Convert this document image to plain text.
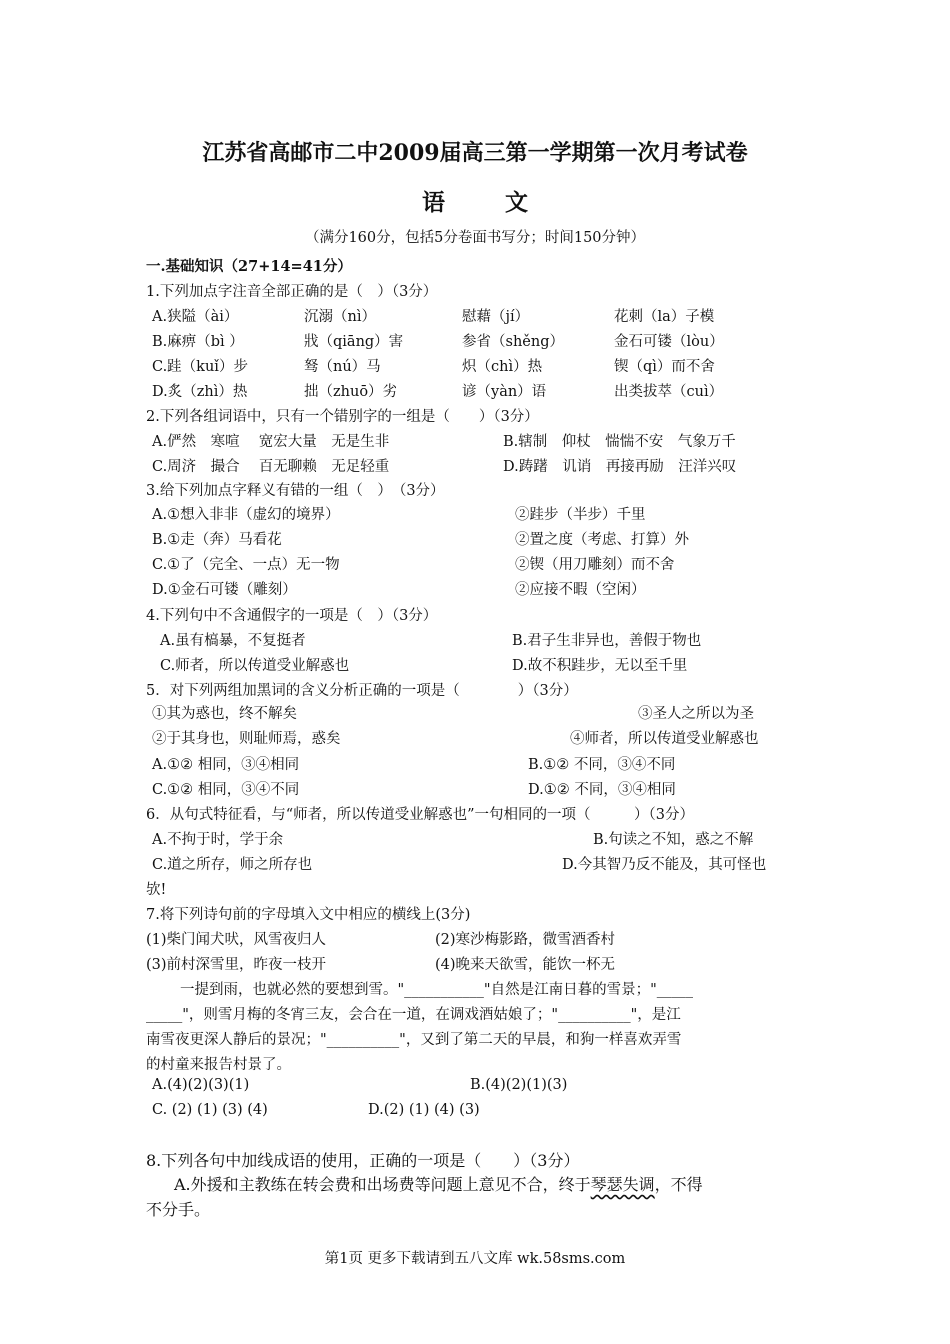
江苏省高邮市二中2009届高三第一学期第一次月考试卷
语文
（满分160分，包括5分卷面书写分；时间150分钟）
一.基础知识（27+14=41分）
1.下列加点字注音全部正确的是（　）（3分）
A.狭隘（ài）	沉溺（nì）	慰藉（jí）	花刺（la）子模
B.麻痹（bì ）	戕（qiāng）害	参省（shěng）	金石可镂（lòu）
C.跬（kuǐ）步	驽（nú）马	炽（chì）热	锲（qì）而不舍
D.炙（zhì）热	拙（zhuō）劣	谚（yàn）语	出类拔萃（cuì）
2.下列各组词语中，只有一个错别字的一组是（　　）（3分）
A.俨然　寒喧　 宽宏大量　无是生非	B.辖制　仰杖　惴惴不安　气象万千
C.周济　撮合　 百无聊赖　无足轻重	D.踌躇　讥诮　再接再励　汪洋兴叹
3.给下列加点字释义有错的一组（　）　（3分）
A.①想入非非（虚幻的境界）	②跬步（半步）千里
B.①走（奔）马看花	②置之度（考虑、打算）外
C.①了（完全、一点）无一物	②锲（用刀雕刻）而不舍
D.①金石可镂（雕刻）	②应接不暇（空闲）
4.下列句中不含通假字的一项是（　）（3分）
A.虽有槁暴，不复挺者	B.君子生非异也，善假于物也
C.师者，所以传道受业解惑也	D.故不积跬步，无以至千里
5．对下列两组加黑词的含义分析正确的一项是（　　　　）（3分）
①其为惑也，终不解矣	③圣人之所以为圣
②于其身也，则耻师焉，惑矣	④师者，所以传道受业解惑也
A.①② 相同，③④相同	B.①② 不同，③④不同
C.①② 相同，③④不同	D.①② 不同，③④相同
6．从句式特征看，与“师者，所以传道受业解惑也”一句相同的一项（　　　）（3分）
A.不拘于时，学于余	B.句读之不知，惑之不解
C.道之所存，师之所存也	D.今其智乃反不能及，其可怪也
欤!
7.将下列诗句前的字母填入文中相应的横线上(3分)
(1)柴门闻犬吠，风雪夜归人	(2)寒沙梅影路，微雪酒香村
(3)前村深雪里，昨夜一枝开	(4)晚来天欲雪，能饮一杯无
一提到雨，也就必然的要想到雪。"___________"自然是江南日暮的雪景；"_____
_____"，则雪月梅的冬宵三友，会合在一道，在调戏酒姑娘了；"__________"，是江
南雪夜更深人静后的景况；"__________"，又到了第二天的早晨，和狗一样喜欢弄雪
的村童来报告村景了。
A.(4)(2)(3)(1)	B.(4)(2)(1)(3)
C. (2) (1) (3) (4)	D.(2) (1) (4) (3)
8.下列各句中加线成语的使用，正确的一项是（　　）（3分）
A.外援和主教练在转会费和出场费等问题上意见不合，终于琴瑟失调，不得
不分手。
第1页 更多下载请到五八文库 wk.58sms.com
